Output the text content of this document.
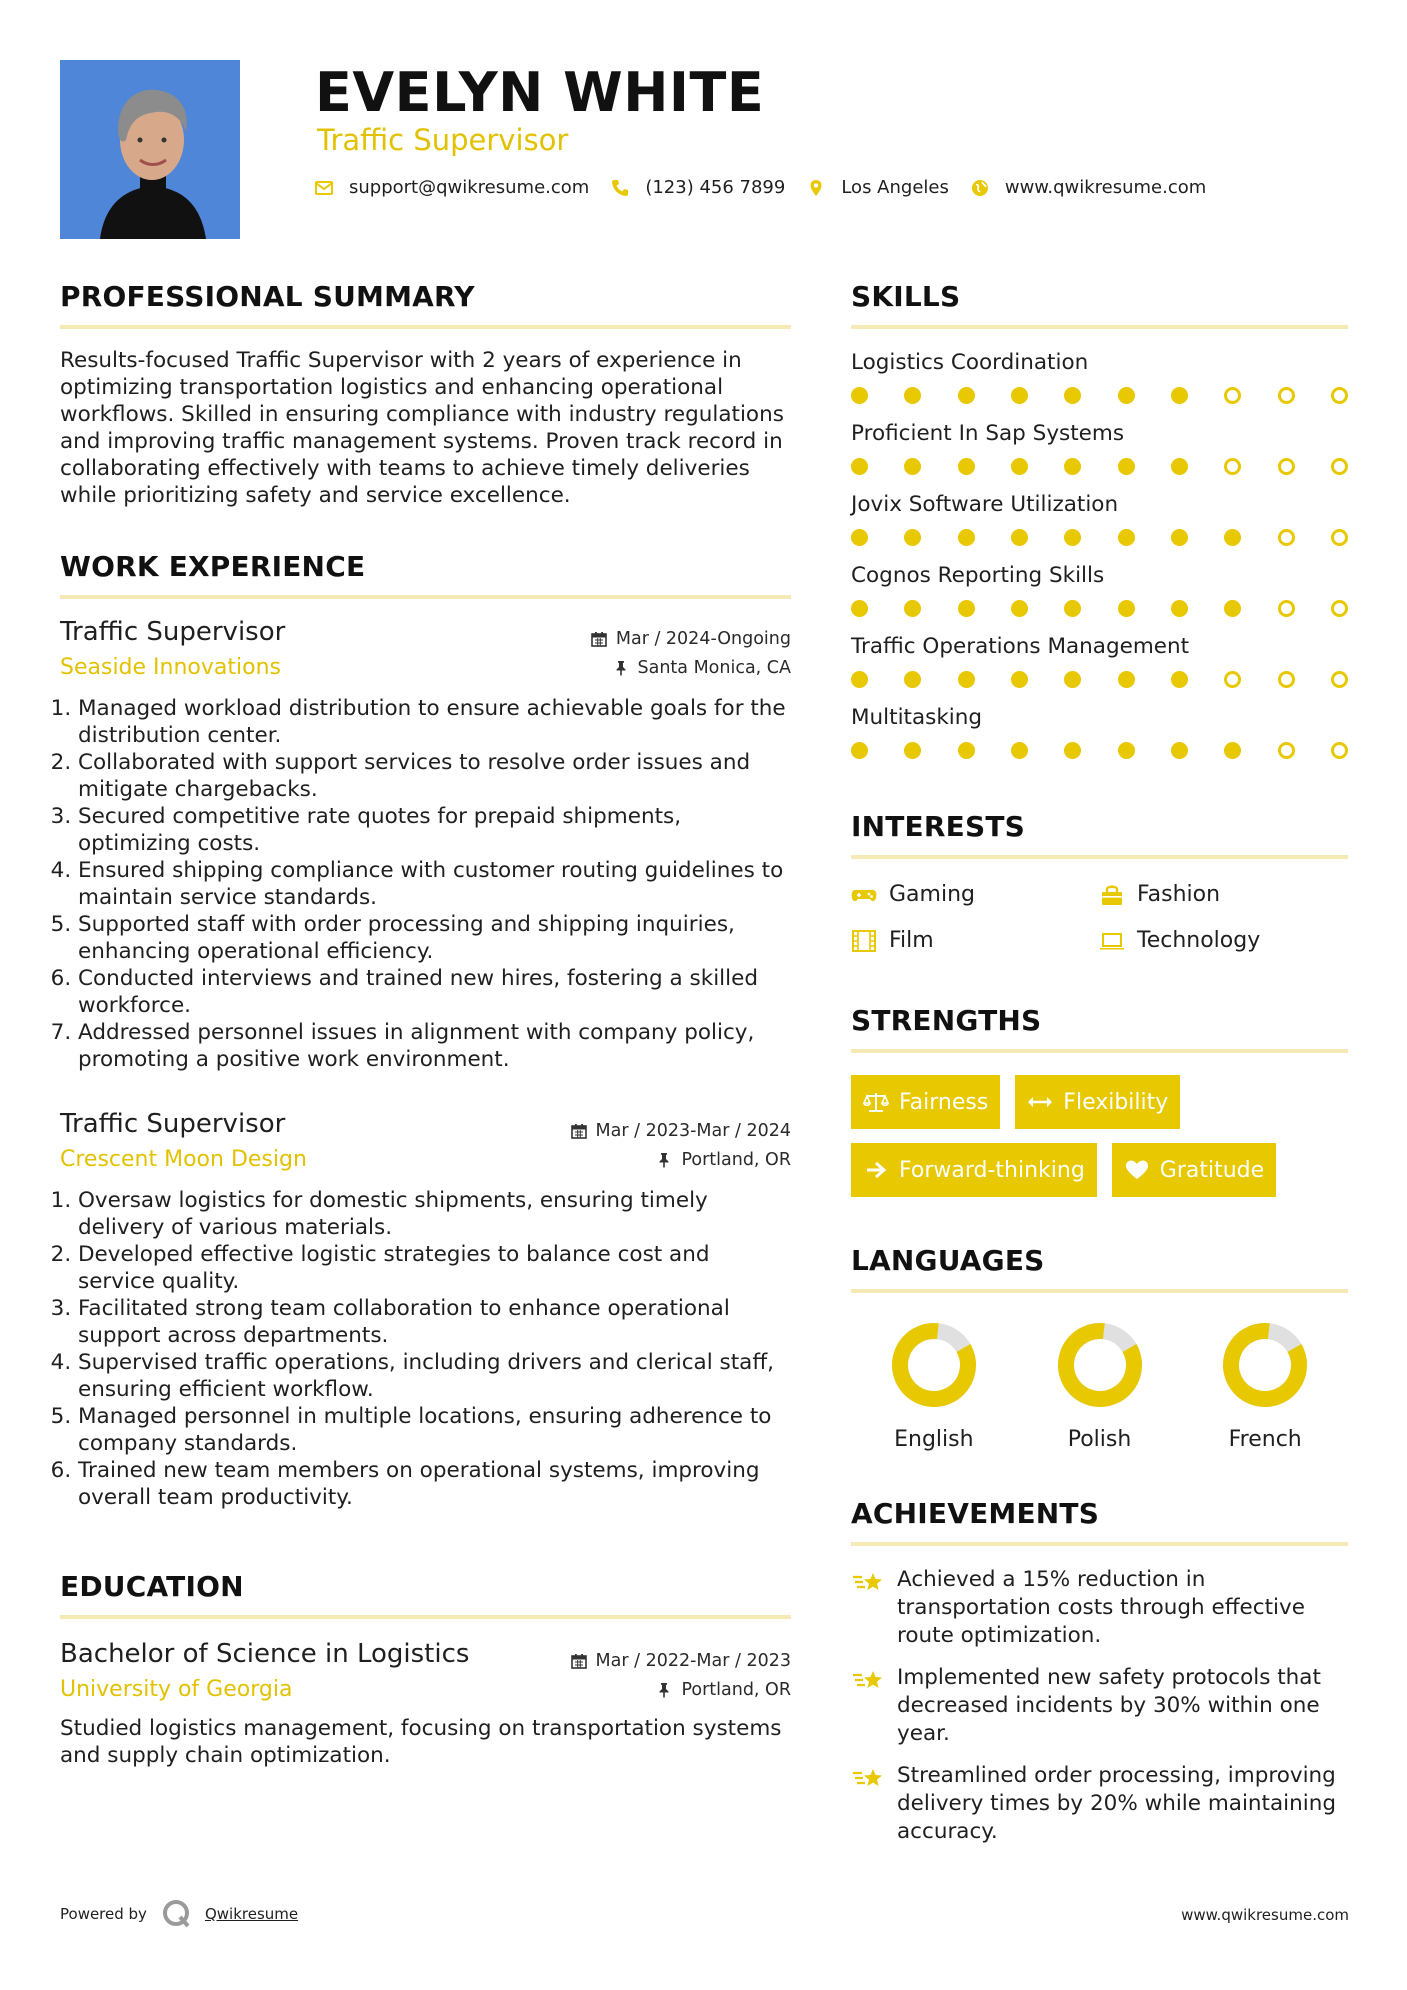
EVELYN WHITE
Traffic Supervisor
support@qwikresume.com	(123) 456 7899	Los Angeles	www.qwikresume.com
PROFESSIONAL SUMMARY
Results-focused Traffic Supervisor with 2 years of experience in optimizing transportation logistics and enhancing operational workflows. Skilled in ensuring compliance with industry regulations and improving traffic management systems. Proven track record in collaborating effectively with teams to achieve timely deliveries while prioritizing safety and service excellence.
WORK EXPERIENCE
Traffic Supervisor	Mar / 2024-Ongoing
Seaside Innovations	Santa Monica, CA
1. Managed workload distribution to ensure achievable goals for the distribution center.
2. Collaborated with support services to resolve order issues and mitigate chargebacks.
3. Secured competitive rate quotes for prepaid shipments, optimizing costs.
4. Ensured shipping compliance with customer routing guidelines to maintain service standards.
5. Supported staff with order processing and shipping inquiries, enhancing operational efficiency.
6. Conducted interviews and trained new hires, fostering a skilled workforce.
7. Addressed personnel issues in alignment with company policy, promoting a positive work environment.
Traffic Supervisor	Mar / 2023-Mar / 2024
Crescent Moon Design	Portland, OR
1. Oversaw logistics for domestic shipments, ensuring timely delivery of various materials.
2. Developed effective logistic strategies to balance cost and service quality.
3. Facilitated strong team collaboration to enhance operational support across departments.
4. Supervised traffic operations, including drivers and clerical staff, ensuring efficient workflow.
5. Managed personnel in multiple locations, ensuring adherence to company standards.
6. Trained new team members on operational systems, improving overall team productivity.
EDUCATION
Bachelor of Science in Logistics	Mar / 2022-Mar / 2023
University of Georgia	Portland, OR
Studied logistics management, focusing on transportation systems and supply chain optimization.
SKILLS
Logistics Coordination
Proficient In Sap Systems
Jovix Software Utilization
Cognos Reporting Skills
Traffic Operations Management
Multitasking
INTERESTS
Gaming	Fashion
Film	Technology
STRENGTHS
Fairness	Flexibility
Forward-thinking	Gratitude
LANGUAGES
English	Polish	French
ACHIEVEMENTS
Achieved a 15% reduction in transportation costs through effective route optimization.
Implemented new safety protocols that decreased incidents by 30% within one year.
Streamlined order processing, improving delivery times by 20% while maintaining accuracy.
Powered by	Qwikresume	www.qwikresume.com
